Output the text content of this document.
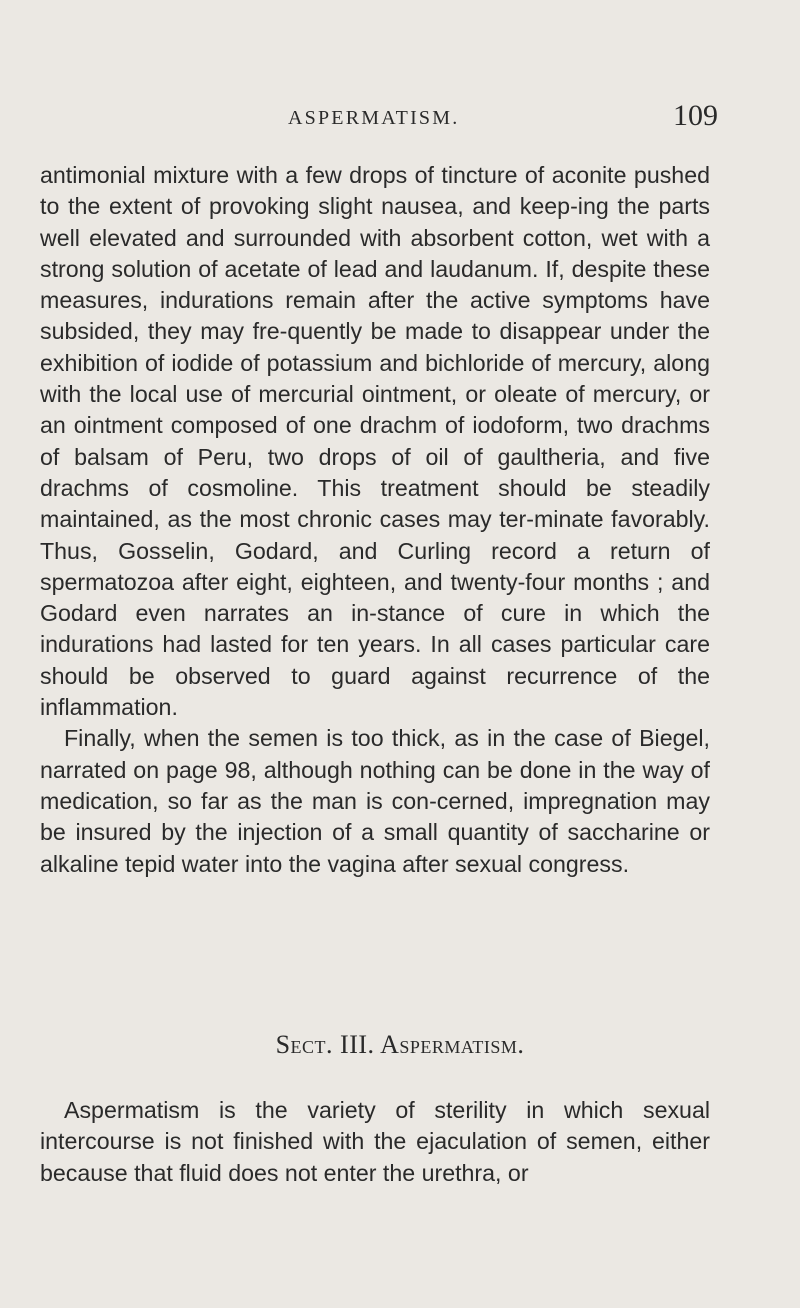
ASPERMATISM.	109

antimonial mixture with a few drops of tincture of aconite pushed to the extent of provoking slight nausea, and keep-ing the parts well elevated and surrounded with absorbent cotton, wet with a strong solution of acetate of lead and laudanum. If, despite these measures, indurations remain after the active symptoms have subsided, they may fre-quently be made to disappear under the exhibition of iodide of potassium and bichloride of mercury, along with the local use of mercurial ointment, or oleate of mercury, or an ointment composed of one drachm of iodoform, two drachms of balsam of Peru, two drops of oil of gaultheria, and five drachms of cosmoline. This treatment should be steadily maintained, as the most chronic cases may ter-minate favorably. Thus, Gosselin, Godard, and Curling record a return of spermatozoa after eight, eighteen, and twenty-four months ; and Godard even narrates an in-stance of cure in which the indurations had lasted for ten years. In all cases particular care should be observed to guard against recurrence of the inflammation.

Finally, when the semen is too thick, as in the case of Biegel, narrated on page 98, although nothing can be done in the way of medication, so far as the man is con-cerned, impregnation may be insured by the injection of a small quantity of saccharine or alkaline tepid water into the vagina after sexual congress.

Sect. III. Aspermatism.

Aspermatism is the variety of sterility in which sexual intercourse is not finished with the ejaculation of semen, either because that fluid does not enter the urethra, or
